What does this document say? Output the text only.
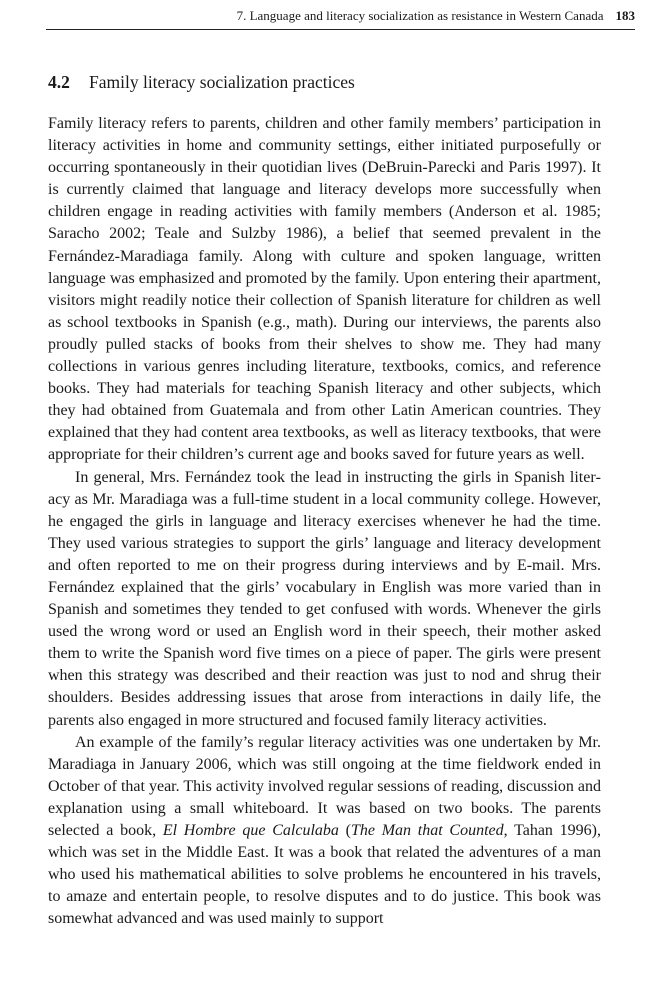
7. Language and literacy socialization as resistance in Western Canada 183
4.2 Family literacy socialization practices

Family literacy refers to parents, children and other family members’ participation in literacy activities in home and community settings, either initiated purposefully or occurring spontaneously in their quotidian lives (DeBruin-Parecki and Paris 1997). It is currently claimed that language and literacy develops more successfully when children engage in reading activities with family members (Anderson et al. 1985; Saracho 2002; Teale and Sulzby 1986), a belief that seemed prevalent in the Fernández-Maradiaga family. Along with culture and spoken language, written language was emphasized and promoted by the family. Upon entering their apartment, visitors might readily notice their collection of Spanish literature for children as well as school textbooks in Spanish (e.g., math). During our interviews, the parents also proudly pulled stacks of books from their shelves to show me. They had many collections in various genres including literature, textbooks, comics, and reference books. They had materials for teaching Spanish literacy and other subjects, which they had obtained from Guatemala and from other Latin American countries. They explained that they had content area textbooks, as well as literacy textbooks, that were appropriate for their children’s current age and books saved for future years as well.

In general, Mrs. Fernández took the lead in instructing the girls in Spanish literacy as Mr. Maradiaga was a full-time student in a local community college. However, he engaged the girls in language and literacy exercises whenever he had the time. They used various strategies to support the girls’ language and literacy development and often reported to me on their progress during interviews and by E-mail. Mrs. Fernández explained that the girls’ vocabulary in English was more varied than in Spanish and sometimes they tended to get confused with words. Whenever the girls used the wrong word or used an English word in their speech, their mother asked them to write the Spanish word five times on a piece of paper. The girls were present when this strategy was described and their reaction was just to nod and shrug their shoulders. Besides addressing issues that arose from interactions in daily life, the parents also engaged in more structured and focused family literacy activities.

An example of the family’s regular literacy activities was one undertaken by Mr. Maradiaga in January 2006, which was still ongoing at the time fieldwork ended in October of that year. This activity involved regular sessions of reading, discussion and explanation using a small whiteboard. It was based on two books. The parents selected a book, El Hombre que Calculaba (The Man that Counted, Tahan 1996), which was set in the Middle East. It was a book that related the adventures of a man who used his mathematical abilities to solve problems he encountered in his travels, to amaze and entertain people, to resolve disputes and to do justice. This book was somewhat advanced and was used mainly to support
